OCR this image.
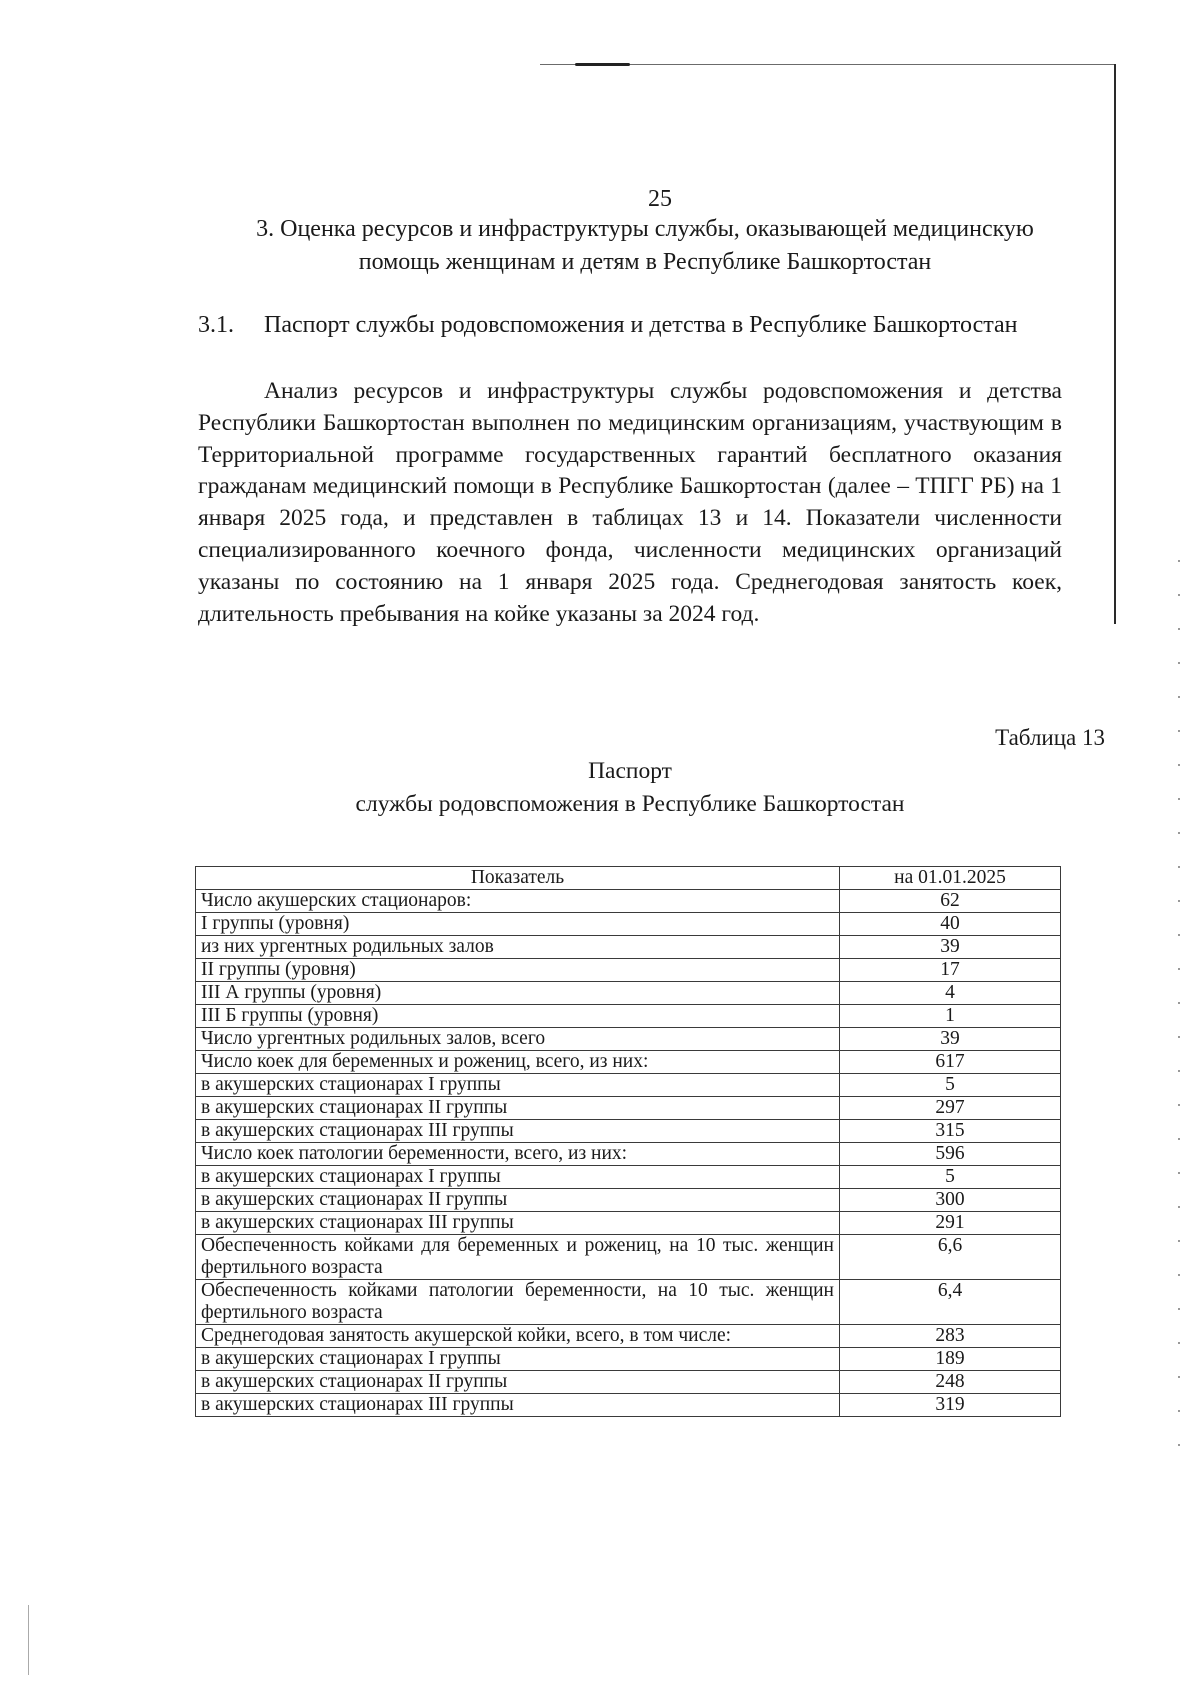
25
3. Оценка ресурсов и инфраструктуры службы, оказывающей медицинскую помощь женщинам и детям в Республике Башкортостан
3.1.	Паспорт службы родовспоможения и детства в Республике Башкортостан

Анализ ресурсов и инфраструктуры службы родовспоможения и детства Республики Башкортостан выполнен по медицинским организациям, участвующим в Территориальной программе государственных гарантий бесплатного оказания гражданам медицинский помощи в Республике Башкортостан (далее – ТПГГ РБ) на 1 января 2025 года, и представлен в таблицах 13 и 14. Показатели численности специализированного коечного фонда, численности медицинских организаций указаны по состоянию на 1 января 2025 года. Среднегодовая занятость коек, длительность пребывания на койке указаны за 2024 год.

Таблица 13
Паспорт
службы родовспоможения в Республике Башкортостан
Показатель	на 01.01.2025
Число акушерских стационаров:	62
I группы (уровня)	40
из них ургентных родильных залов	39
II группы (уровня)	17
III А группы (уровня)	4
III Б группы (уровня)	1
Число ургентных родильных залов, всего	39
Число коек для беременных и рожениц, всего, из них:	617
в акушерских стационарах I группы	5
в акушерских стационарах II группы	297
в акушерских стационарах III группы	315
Число коек патологии беременности, всего, из них:	596
в акушерских стационарах I группы	5
в акушерских стационарах II группы	300
в акушерских стационарах III группы	291
Обеспеченность койками для беременных и рожениц, на 10 тыс. женщин фертильного возраста	6,6
Обеспеченность койками патологии беременности, на 10 тыс. женщин фертильного возраста	6,4
Среднегодовая занятость акушерской койки, всего, в том числе:	283
в акушерских стационарах I группы	189
в акушерских стационарах II группы	248
в акушерских стационарах III группы	319
